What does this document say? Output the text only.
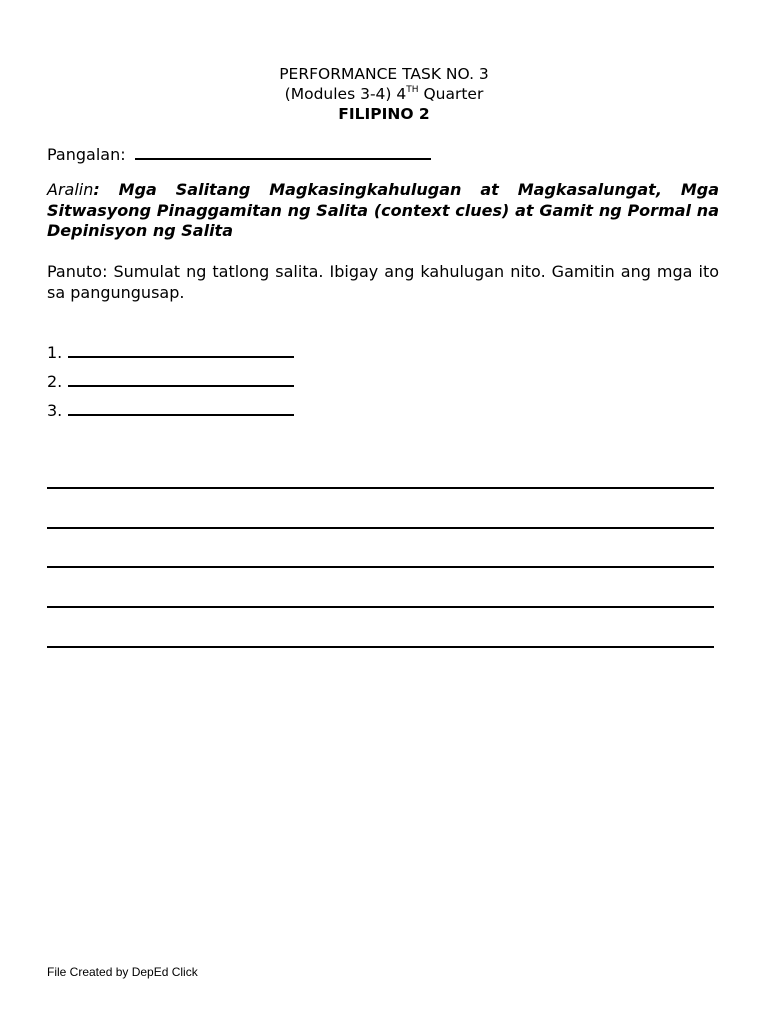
PERFORMANCE TASK NO. 3
(Modules 3-4) 4TH Quarter
FILIPINO 2
Pangalan:
Aralin: Mga Salitang Magkasingkahulugan at Magkasalungat, Mga Sitwasyong Pinaggamitan ng Salita (context clues) at Gamit ng Pormal na Depinisyon ng Salita
Panuto: Sumulat ng tatlong salita. Ibigay ang kahulugan nito. Gamitin ang mga ito sa pangungusap.
1.
2.
3.
File Created by DepEd Click
